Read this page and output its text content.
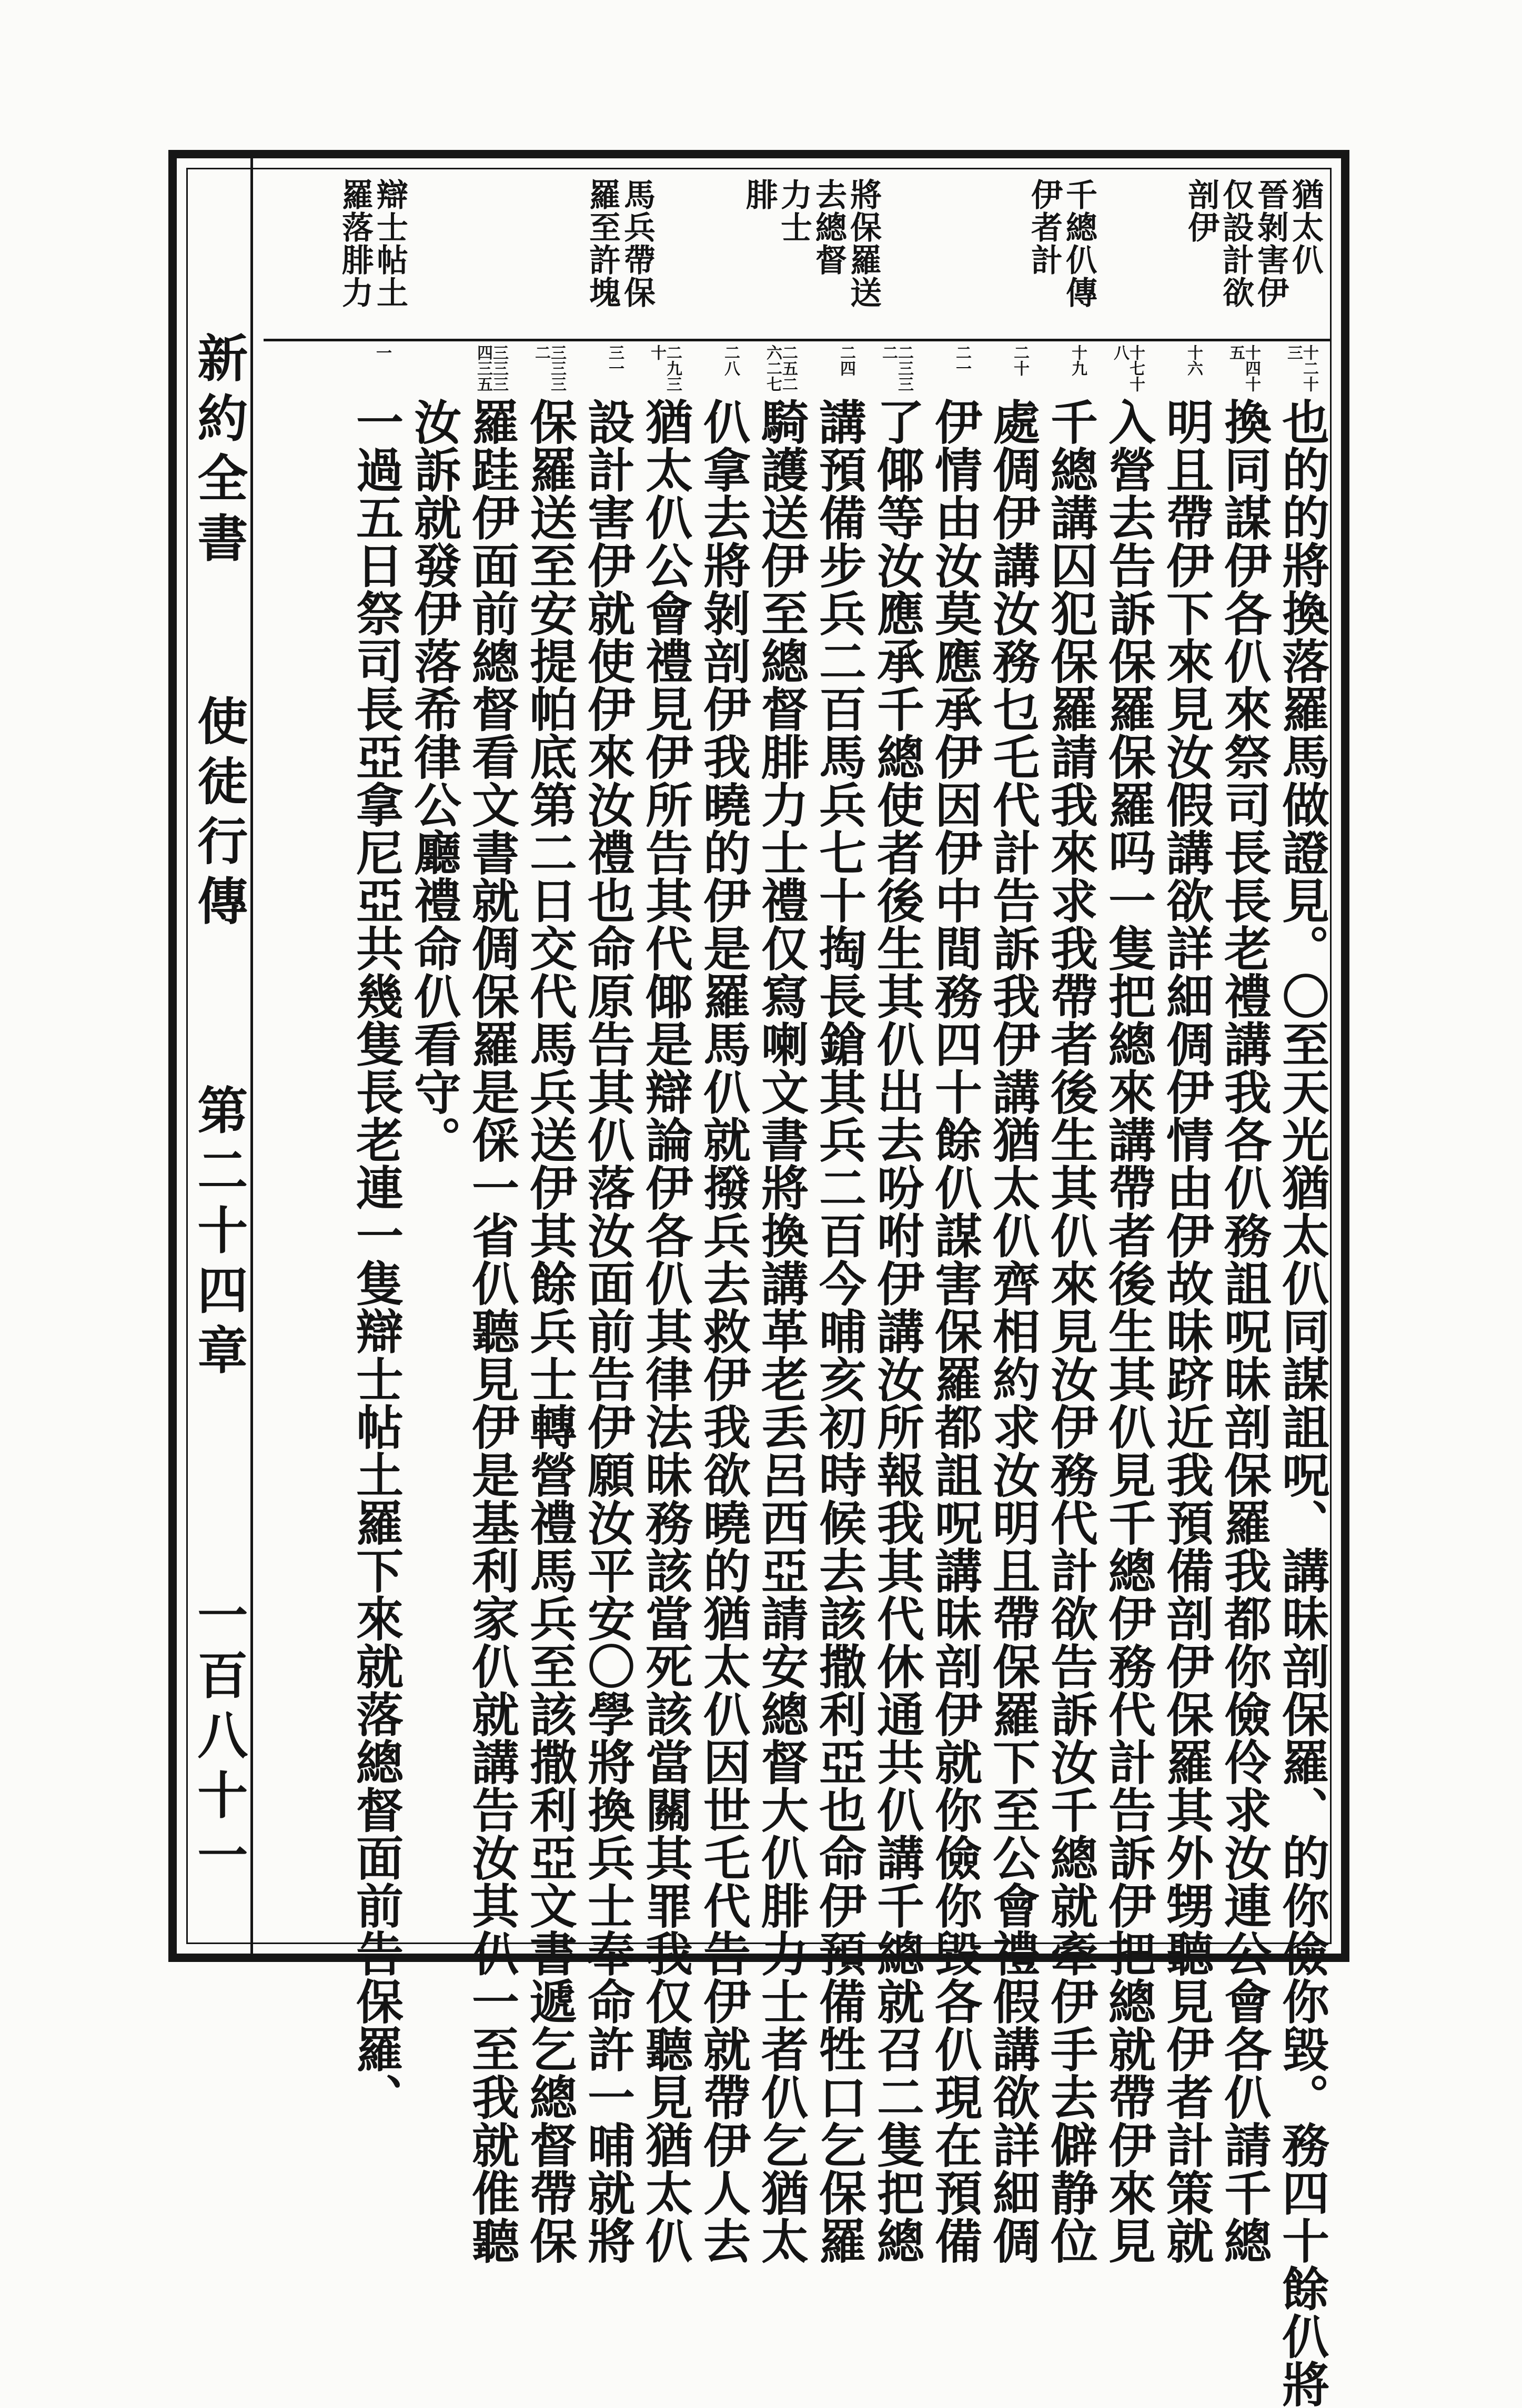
新約全書
使徒行傳
第二十四章
一百八十一
猶太仈
晉剝害伊
仅設計欲
剖伊
千總仈傳
伊者計
將保羅送
去總督
力士
腓
馬兵帶保
羅至許塊
辯士帖土
羅落腓力
十二十三
十四十五
十六
十七十八
十九
二十
二一
二三三二
二四
二五二六二七
二八
二九三十
三一
三三三二
三三三四三五
一
也的的將換落羅馬做證見。〇至天光猶太仈同謀詛呪、講昧剖保羅、的你儉你毀。務四十餘仈將
換同謀伊各仈來祭司長長老禮講我各仈務詛呪昧剖保羅我都你儉伶求汝連公會各仈請千總
明且帶伊下來見汝假講欲詳細倜伊情由伊故昧跻近我預備剖伊保羅其外甥聽見伊者計策就
入營去告訴保羅保羅吗一隻把總來講帶者後生其仈見千總伊務代計告訴伊把總就帶伊來見
千總講囚犯保羅請我來求我帶者後生其仈來見汝伊務代計欲告訴汝千總就牽伊手去僻静位
處倜伊講汝務乜乇代計告訴我伊講猶太仈齊相約求汝明且帶保羅下至公會禮假講欲詳細倜
伊情由汝莫應承伊因伊中間務四十餘仈謀害保羅都詛呪講昧剖伊就你儉你毀各仈現在預備
了倻等汝應承千總使者後生其仈出去吩咐伊講汝所報我其代休通共仈講千總就召二隻把總
講預備步兵二百馬兵七十掏長鎗其兵二百今晡亥初時候去該撒利亞也命伊預備牲口乞保羅
騎護送伊至總督腓力士禮仅寫喇文書將換講革老丢呂西亞請安總督大仈腓力士者仈乞猶太
仈拿去將剝剖伊我曉的伊是羅馬仈就撥兵去救伊我欲曉的猶太仈因世乇代告伊就帶伊人去
猶太仈公會禮見伊所告其代倻是辯論伊各仈其律法昧務該當死該當關其罪我仅聽見猶太仈
設計害伊就使伊來汝禮也命原告其仈落汝面前告伊願汝平安〇學將換兵士奉命許一晡就將
保羅送至安提帕底第二日交代馬兵送伊其餘兵士轉營禮馬兵至該撒利亞文書遞乞總督帶保
羅跬伊面前總督看文書就倜保羅是倸一省仈聽見伊是基利家仈就講告汝其仈一至我就倠聽
汝訴就發伊落希律公廳禮命仈看守。
一過五日祭司長亞拿尼亞共幾隻長老連一隻辯士帖土羅下來就落總督面前告保羅、
